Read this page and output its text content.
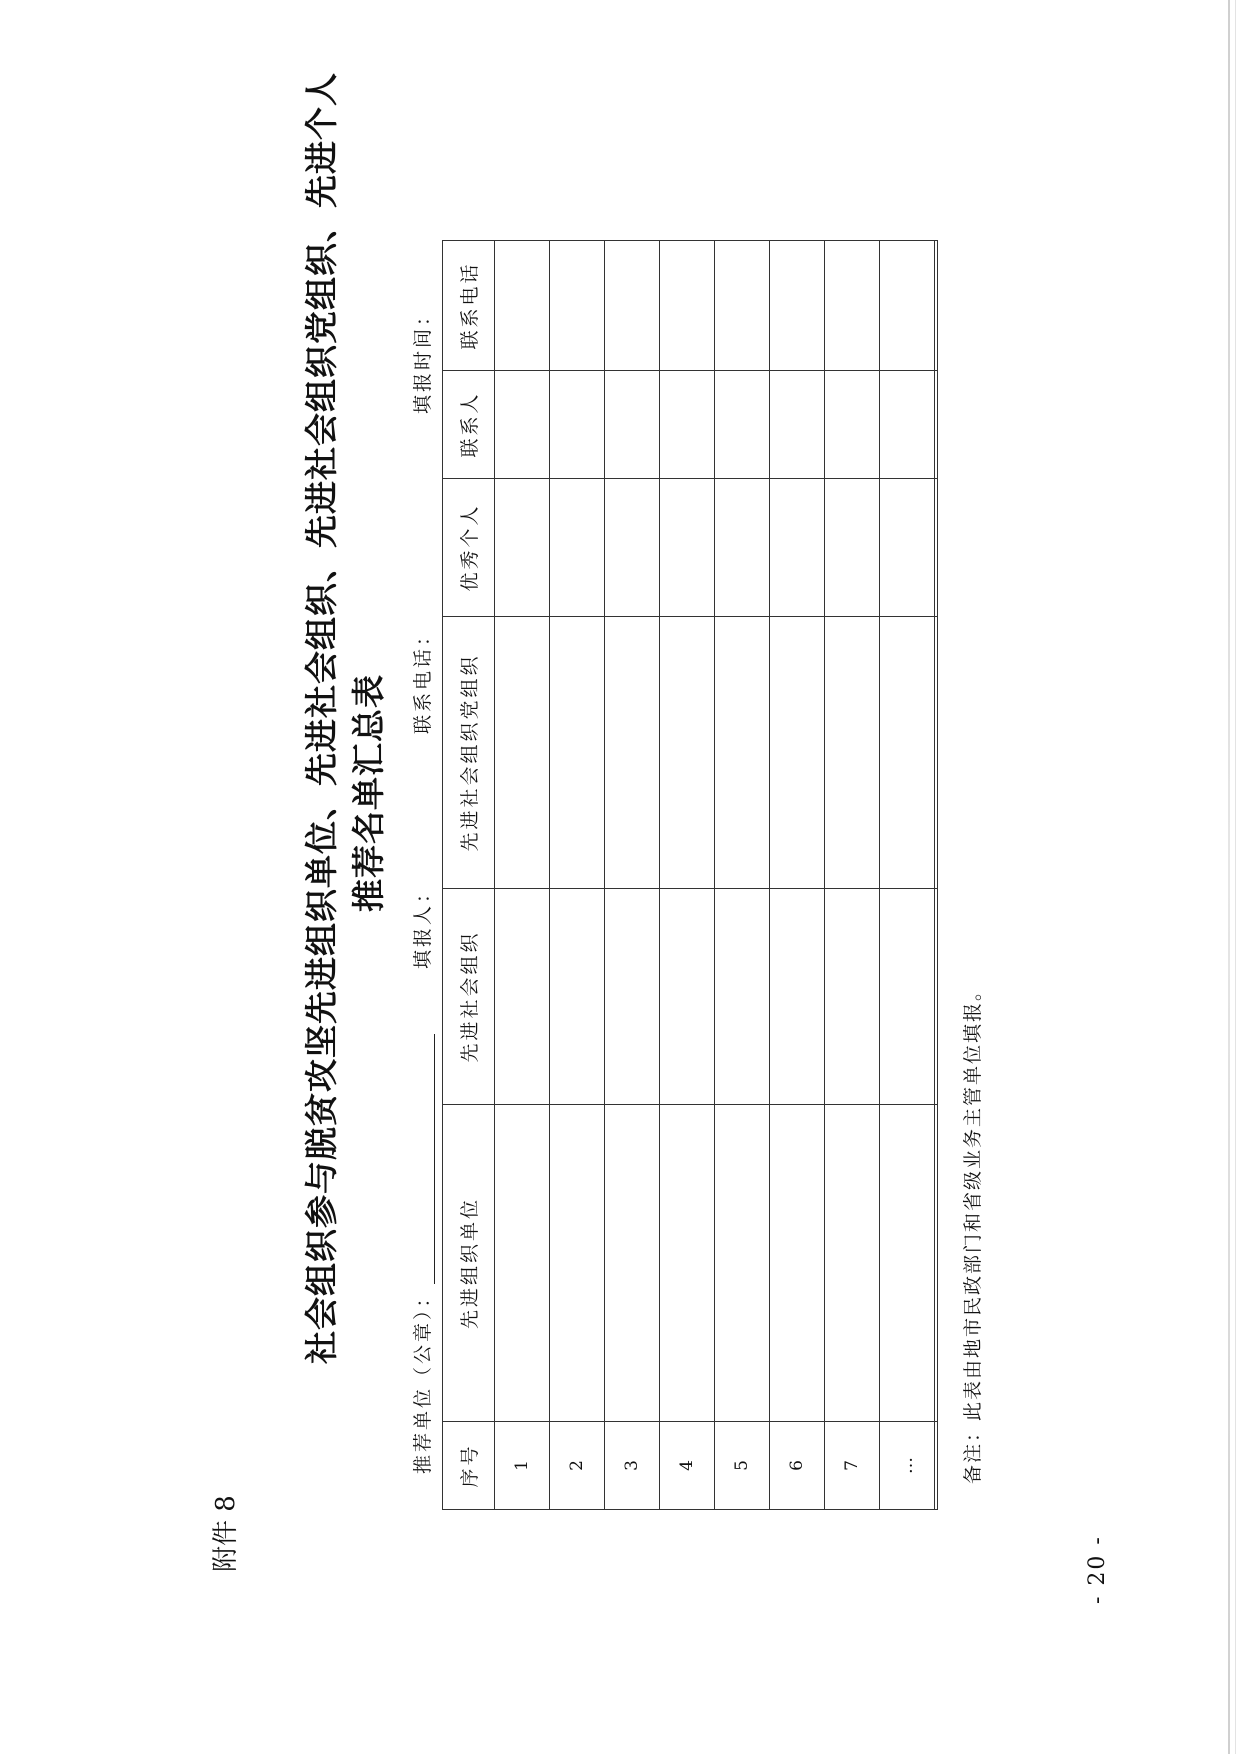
附件 8
社会组织参与脱贫攻坚先进组织单位、先进社会组织、先进社会组织党组织、先进个人 推荐名单汇总表
推荐单位（公章）：
填报人：
联系电话：
填报时间：
序号	先进组织单位	先进社会组织	先进社会组织党组织	优秀个人	联系人	联系电话
1						
2						
3						
4						
5						
6						
7						
…						
						备注：此表由地市民政部门和省级业务主管单位填报。
- 20 -
